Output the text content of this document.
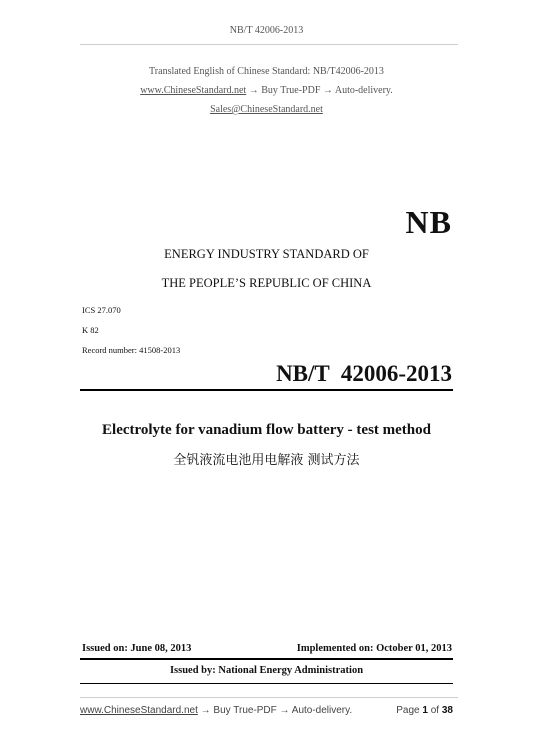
NB/T 42006-2013
Translated English of Chinese Standard: NB/T42006-2013
www.ChineseStandard.net → Buy True-PDF → Auto-delivery.
Sales@ChineseStandard.net
NB
ENERGY INDUSTRY STANDARD OF
THE PEOPLE’S REPUBLIC OF CHINA
ICS 27.070
K 82
Record number: 41508-2013
NB/T  42006-2013
Electrolyte for vanadium flow battery - test method
全钒液流电池用电解液 测试方法
Issued on: June 08, 2013	Implemented on: October 01, 2013
Issued by: National Energy Administration
www.ChineseStandard.net → Buy True-PDF → Auto-delivery.	Page 1 of 38
